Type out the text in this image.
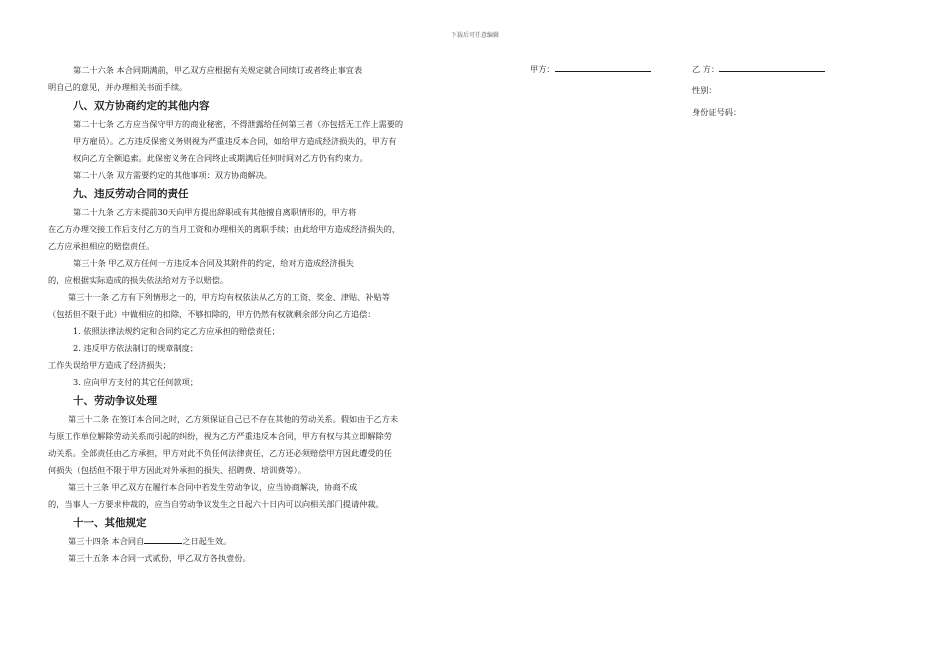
下载后可任意编辑

第二十六条 本合同期满前，甲乙双方应根据有关规定就合同续订或者终止事宜表

明自己的意见，并办理相关书面手续。

八、双方协商约定的其他内容

第二十七条 乙方应当保守甲方的商业秘密，不得泄露给任何第三者（亦包括无工作上需要的

甲方雇员）。乙方违反保密义务则视为严重违反本合同，如给甲方造成经济损失的，甲方有

权向乙方全额追索。此保密义务在合同终止或期满后任何时间对乙方仍有约束力。

第二十八条 双方需要约定的其他事项：双方协商解决。

九、违反劳动合同的责任

第二十九条 乙方未提前30天向甲方提出辞职或有其他擅自离职情形的，甲方将

在乙方办理交接工作后支付乙方的当月工资和办理相关的离职手续；由此给甲方造成经济损失的，

乙方应承担相应的赔偿责任。

第三十条 甲乙双方任何一方违反本合同及其附件的约定，给对方造成经济损失

的，应根据实际造成的损失依法给对方予以赔偿。

第三十一条 乙方有下列情形之一的，甲方均有权依法从乙方的工资、奖金、津贴、补贴等

（包括但不限于此）中做相应的扣除，不够扣除的，甲方仍然有权就剩余部分向乙方追偿：

1. 依照法律法规约定和合同约定乙方应承担的赔偿责任；

2. 违反甲方依法制订的规章制度；

工作失误给甲方造成了经济损失；

3. 应向甲方支付的其它任何款项；

十、劳动争议处理

第三十二条 在签订本合同之时，乙方须保证自己已不存在其他的劳动关系。假如由于乙方未

与原工作单位解除劳动关系而引起的纠纷，视为乙方严重违反本合同，甲方有权与其立即解除劳

动关系。全部责任由乙方承担，甲方对此不负任何法律责任，乙方还必须赔偿甲方因此遭受的任

何损失（包括但不限于甲方因此对外承担的损失、招聘费、培训费等）。

第三十三条 甲乙双方在履行本合同中若发生劳动争议，应当协商解决，协商不成

的，当事人一方要求仲裁的，应当自劳动争议发生之日起六十日内可以向相关部门提请仲裁。

十一、其他规定

第三十四条 本合同自	之日起生效。

第三十五条 本合同一式贰份，甲乙双方各执壹份。

甲方：	乙 方：
性别：
身份证号码：
